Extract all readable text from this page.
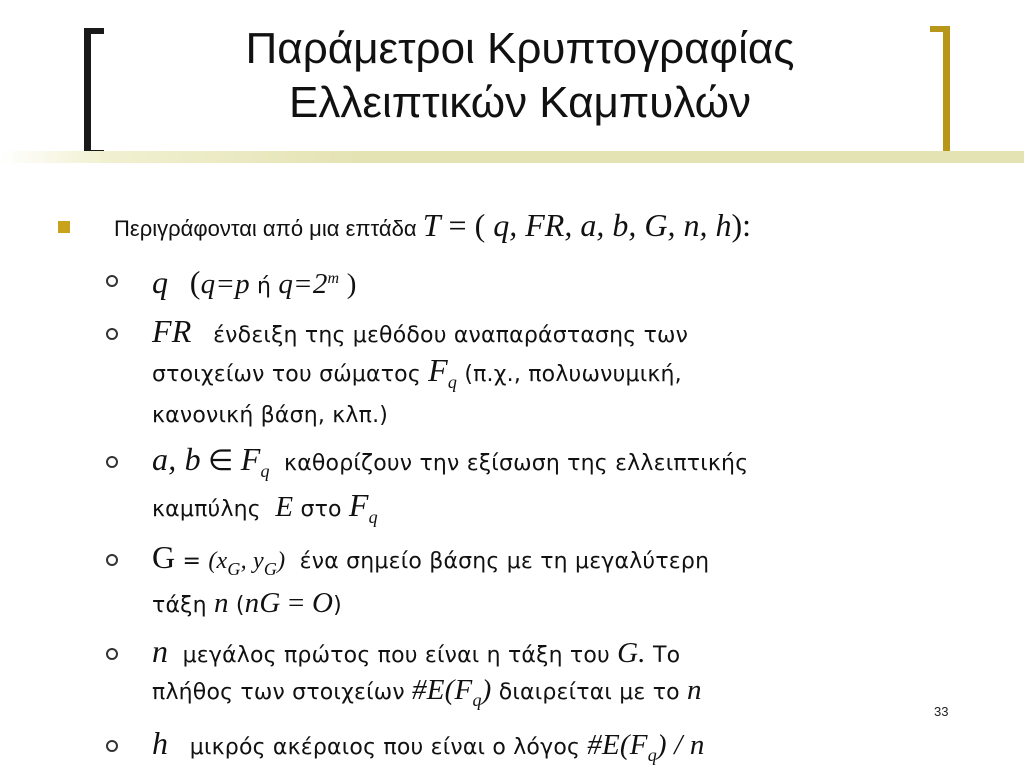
Παράμετροι Κρυπτογραφίας
Ελλειπτικών Καμπυλών
Περιγράφονται από μια επτάδα T = ( q, FR, a, b, G, n, h):
q (q=p ή $q=2^m$ )
FR ένδειξη της μεθόδου αναπαράστασης των
στοιχείων του σώματος $F_q$ (π.χ., πολυωνυμική,
κανονική βάση, κλπ.)
a, b ∈ $F_q$ καθορίζουν την εξίσωση της ελλειπτικής
καμπύλης E στο $F_q$
$G = (x_G$, $y_G$) ένα σημείο βάσης με τη μεγαλύτερη
τάξη n (nG = O)
n μεγάλος πρώτος που είναι η τάξη του G. Το
πλήθος των στοιχείων $\#E(F_q)$ διαιρείται με το n
h μικρός ακέραιος που είναι ο λόγος $\#E(F_q)$ / n
33
